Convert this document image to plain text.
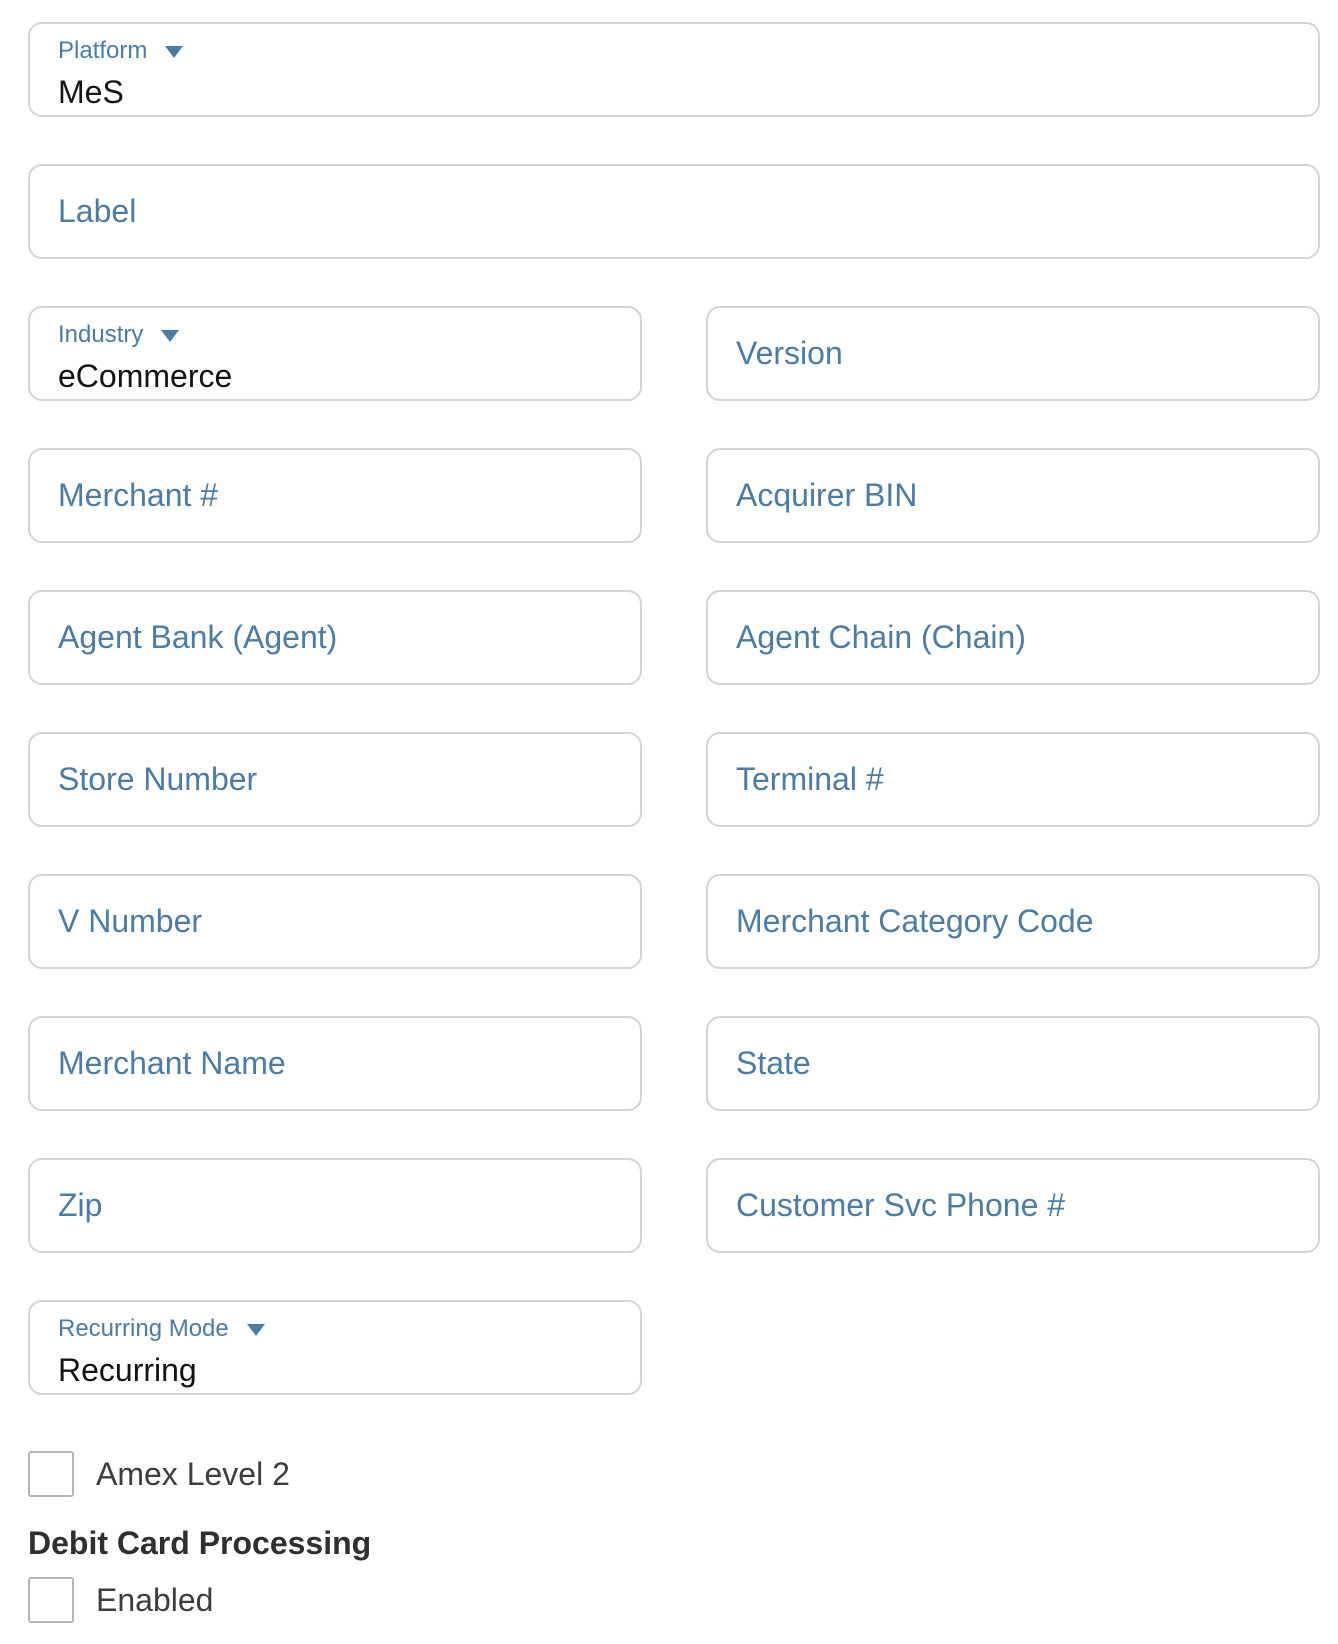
Platform
MeS
Label
Industry
eCommerce
Version
Merchant #
Acquirer BIN
Agent Bank (Agent)
Agent Chain (Chain)
Store Number
Terminal #
V Number
Merchant Category Code
Merchant Name
State
Zip
Customer Svc Phone #
Recurring Mode
Recurring
Amex Level 2
Debit Card Processing
Enabled
